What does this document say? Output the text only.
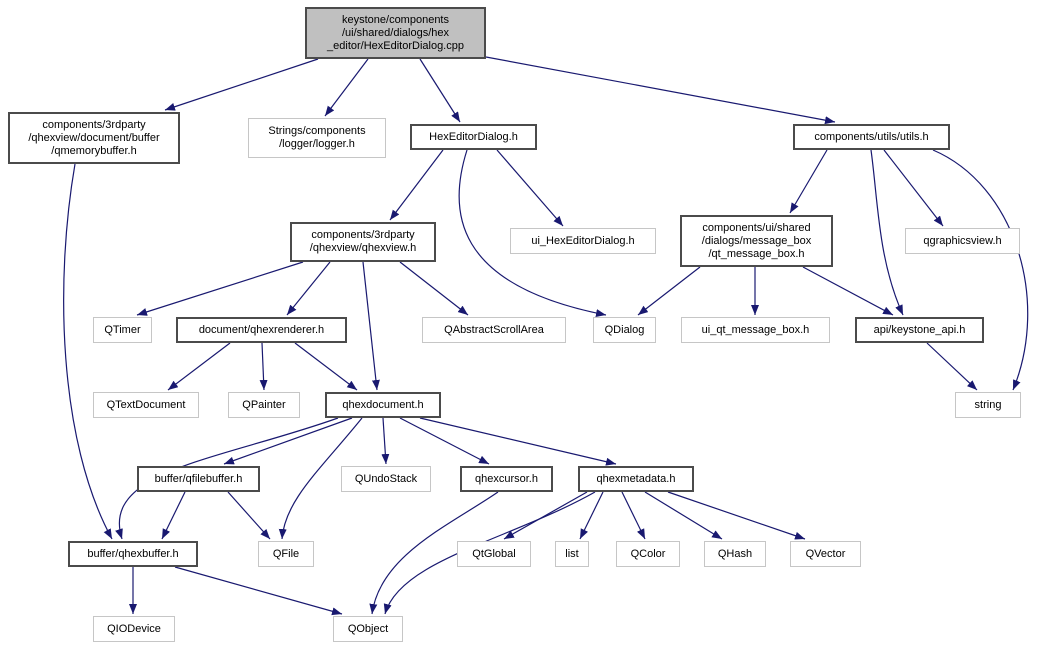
keystone/components
/ui/shared/dialogs/hex
_editor/HexEditorDialog.cpp
components/3rdparty
/qhexview/document/buffer
/qmemorybuffer.h
Strings/components
/logger/logger.h
HexEditorDialog.h	components/utils/utils.h
components/3rdparty
/qhexview/qhexview.h
ui_HexEditorDialog.h
components/ui/shared
/dialogs/message_box
/qt_message_box.h
qgraphicsview.h
QTimer	document/qhexrenderer.h	QAbstractScrollArea	QDialog	ui_qt_message_box.h	api/keystone_api.h
QTextDocument	QPainter	qhexdocument.h	string
buffer/qfilebuffer.h	QUndoStack	qhexcursor.h	qhexmetadata.h
buffer/qhexbuffer.h	QFile	QtGlobal	list	QColor	QHash	QVector
QIODevice	QObject
